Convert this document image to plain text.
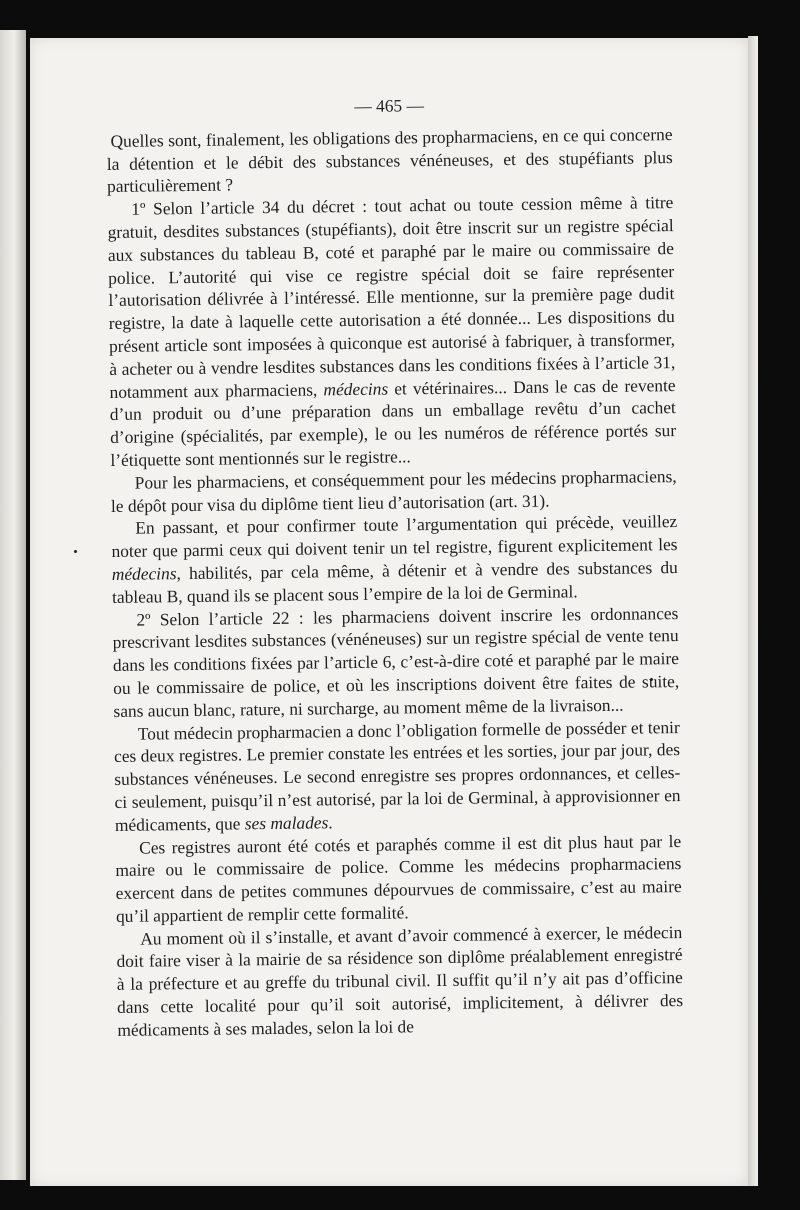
— 465 —

Quelles sont, finalement, les obligations des propharmaciens, en ce qui concerne la détention et le débit des substances vénéneuses, et des stupéfiants plus particulièrement ?

1º Selon l’article 34 du décret : tout achat ou toute cession même à titre gratuit, desdites substances (stupéfiants), doit être inscrit sur un registre spécial aux substances du tableau B, coté et paraphé par le maire ou commissaire de police. L’autorité qui vise ce registre spécial doit se faire représenter l’autorisation délivrée à l’intéressé. Elle mentionne, sur la première page dudit registre, la date à laquelle cette autorisation a été donnée... Les dispositions du présent article sont imposées à quiconque est autorisé à fabriquer, à transformer, à acheter ou à vendre lesdites substances dans les conditions fixées à l’article 31, notamment aux pharmaciens, médecins et vétérinaires... Dans le cas de revente d’un produit ou d’une préparation dans un emballage revêtu d’un cachet d’origine (spécialités, par exemple), le ou les numéros de référence portés sur l’étiquette sont mentionnés sur le registre...

Pour les pharmaciens, et conséquemment pour les médecins propharmaciens, le dépôt pour visa du diplôme tient lieu d’autorisation (art. 31).

En passant, et pour confirmer toute l’argumentation qui précède, veuillez noter que parmi ceux qui doivent tenir un tel registre, figurent explicitement les médecins, habilités, par cela même, à détenir et à vendre des substances du tableau B, quand ils se placent sous l’empire de la loi de Germinal.

2º Selon l’article 22 : les pharmaciens doivent inscrire les ordonnances prescrivant lesdites substances (vénéneuses) sur un registre spécial de vente tenu dans les conditions fixées par l’article 6, c’est-à-dire coté et paraphé par le maire ou le commissaire de police, et où les inscriptions doivent être faites de suite, sans aucun blanc, rature, ni surcharge, au moment même de la livraison...

Tout médecin propharmacien a donc l’obligation formelle de posséder et tenir ces deux registres. Le premier constate les entrées et les sorties, jour par jour, des substances vénéneuses. Le second enregistre ses propres ordonnances, et celles-ci seulement, puisqu’il n’est autorisé, par la loi de Germinal, à approvisionner en médicaments, que ses malades.

Ces registres auront été cotés et paraphés comme il est dit plus haut par le maire ou le commissaire de police. Comme les médecins propharmaciens exercent dans de petites communes dépourvues de commissaire, c’est au maire qu’il appartient de remplir cette formalité.

Au moment où il s’installe, et avant d’avoir commencé à exercer, le médecin doit faire viser à la mairie de sa résidence son diplôme préalablement enregistré à la préfecture et au greffe du tribunal civil. Il suffit qu’il n’y ait pas d’officine dans cette localité pour qu’il soit autorisé, implicitement, à délivrer des médicaments à ses malades, selon la loi de
